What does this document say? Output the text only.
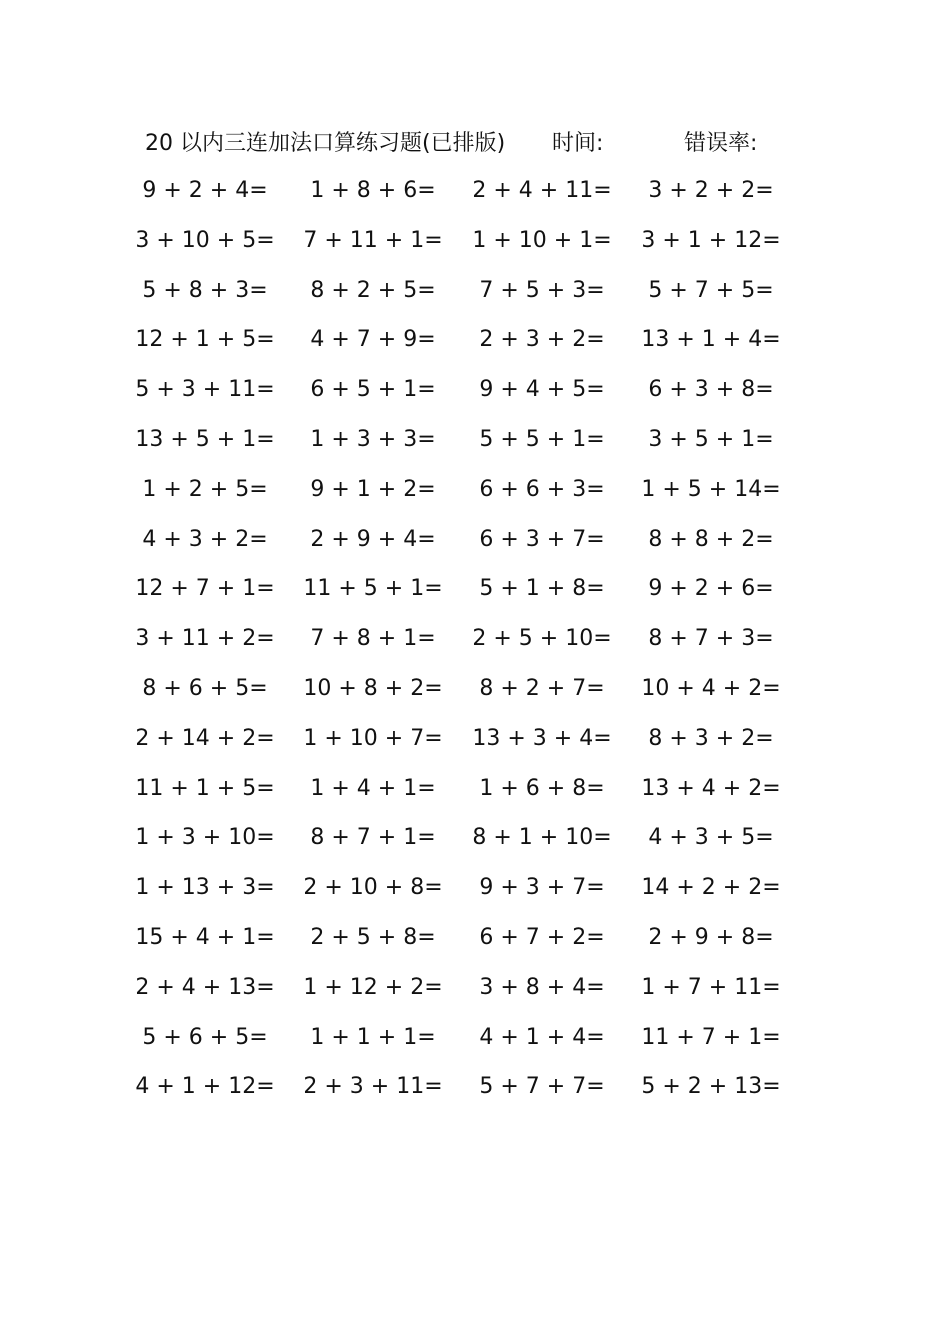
20 以内三连加法口算练习题(已排版) 时间:	错误率:
9 + 2 + 4=	1 + 8 + 6=	2 + 4 + 11=	3 + 2 + 2=
3 + 10 + 5= 7 + 11 + 1= 1 + 10 + 1= 3 + 1 + 12=
5 + 8 + 3=	8 + 2 + 5=	7 + 5 + 3=	5 + 7 + 5=
12 + 1 + 5=	4 + 7 + 9=	2 + 3 + 2=	13 + 1 + 4=
5 + 3 + 11=	6 + 5 + 1=	9 + 4 + 5=	6 + 3 + 8=
13 + 5 + 1=	1 + 3 + 3=	5 + 5 + 1=	3 + 5 + 1=
1 + 2 + 5=	9 + 1 + 2=	6 + 6 + 3=	1 + 5 + 14=
4 + 3 + 2=	2 + 9 + 4=	6 + 3 + 7=	8 + 8 + 2=
12 + 7 + 1= 11 + 5 + 1=	5 + 1 + 8=	9 + 2 + 6=
3 + 11 + 2=	7 + 8 + 1=	2 + 5 + 10=	8 + 7 + 3=
8 + 6 + 5=	10 + 8 + 2=	8 + 2 + 7=	10 + 4 + 2=
2 + 14 + 2= 1 + 10 + 7= 13 + 3 + 4=	8 + 3 + 2=
11 + 1 + 5=	1 + 4 + 1=	1 + 6 + 8=	13 + 4 + 2=
1 + 3 + 10=	8 + 7 + 1=	8 + 1 + 10=	4 + 3 + 5=
1 + 13 + 3= 2 + 10 + 8=	9 + 3 + 7=	14 + 2 + 2=
15 + 4 + 1=	2 + 5 + 8=	6 + 7 + 2=	2 + 9 + 8=
2 + 4 + 13= 1 + 12 + 2=	3 + 8 + 4=	1 + 7 + 11=
5 + 6 + 5=	1 + 1 + 1=	4 + 1 + 4=	11 + 7 + 1=
4 + 1 + 12= 2 + 3 + 11=	5 + 7 + 7=	5 + 2 + 13=
